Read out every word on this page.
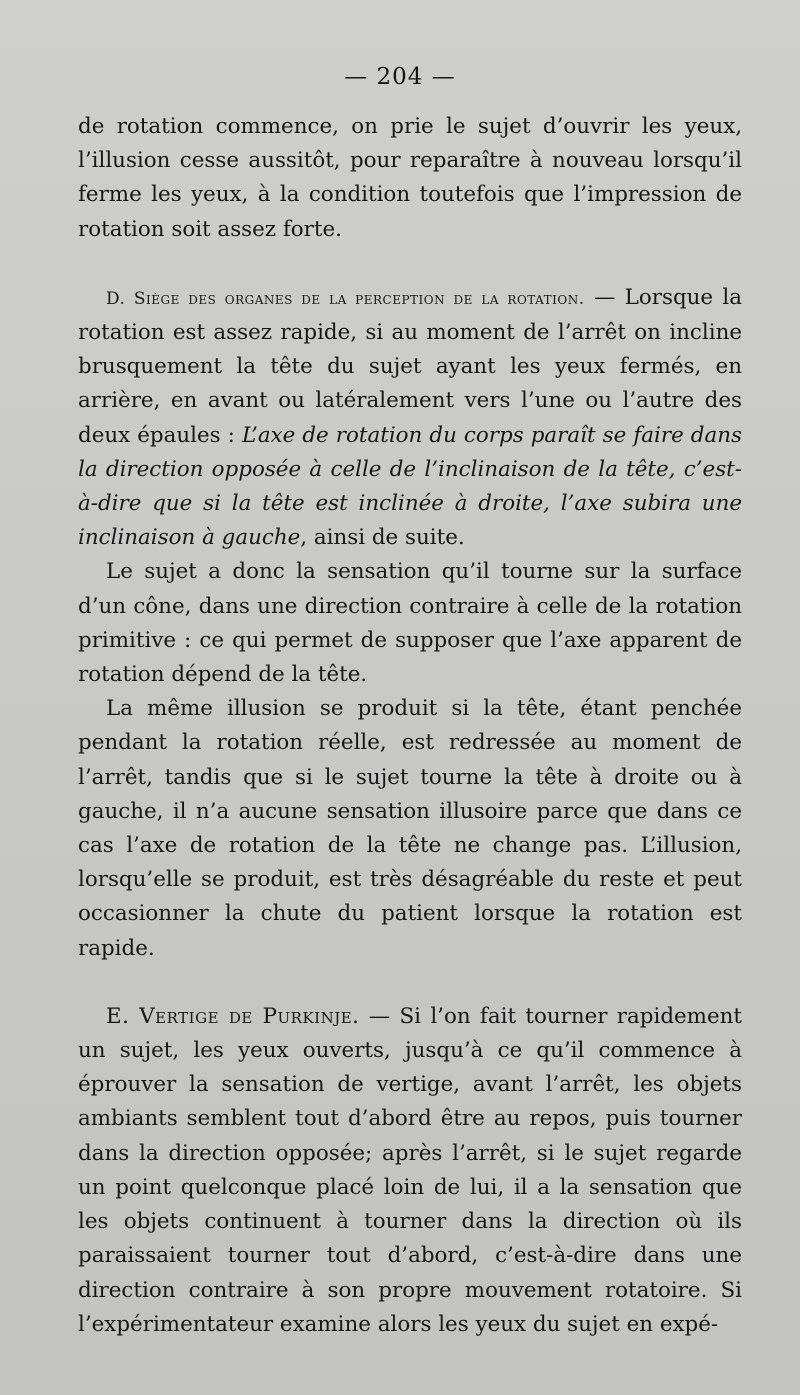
— 204 —

de rotation commence, on prie le sujet d’ouvrir les yeux, l’illusion cesse aussitôt, pour reparaître à nouveau lorsqu’il ferme les yeux, à la condition toutefois que l’impression de rotation soit assez forte.

D. Siège des organes de la perception de la rotation. — Lorsque la rotation est assez rapide, si au moment de l’arrêt on incline brusquement la tête du sujet ayant les yeux fermés, en arrière, en avant ou latéralement vers l’une ou l’autre des deux épaules : L’axe de rotation du corps paraît se faire dans la direction opposée à celle de l’inclinaison de la tête, c’est-à-dire que si la tête est inclinée à droite, l’axe subira une inclinaison à gauche, ainsi de suite.

Le sujet a donc la sensation qu’il tourne sur la surface d’un cône, dans une direction contraire à celle de la rotation primitive : ce qui permet de supposer que l’axe apparent de rotation dépend de la tête.

La même illusion se produit si la tête, étant penchée pendant la rotation réelle, est redressée au moment de l’arrêt, tandis que si le sujet tourne la tête à droite ou à gauche, il n’a aucune sensation illusoire parce que dans ce cas l’axe de rotation de la tête ne change pas. L’illusion, lorsqu’elle se produit, est très désagréable du reste et peut occasionner la chute du patient lorsque la rotation est rapide.

E. Vertige de Purkinje. — Si l’on fait tourner rapidement un sujet, les yeux ouverts, jusqu’à ce qu’il commence à éprouver la sensation de vertige, avant l’arrêt, les objets ambiants semblent tout d’abord être au repos, puis tourner dans la direction opposée; après l’arrêt, si le sujet regarde un point quelconque placé loin de lui, il a la sensation que les objets continuent à tourner dans la direction où ils paraissaient tourner tout d’abord, c’est-à-dire dans une direction contraire à son propre mouvement rotatoire. Si l’expérimentateur examine alors les yeux du sujet en expé-
